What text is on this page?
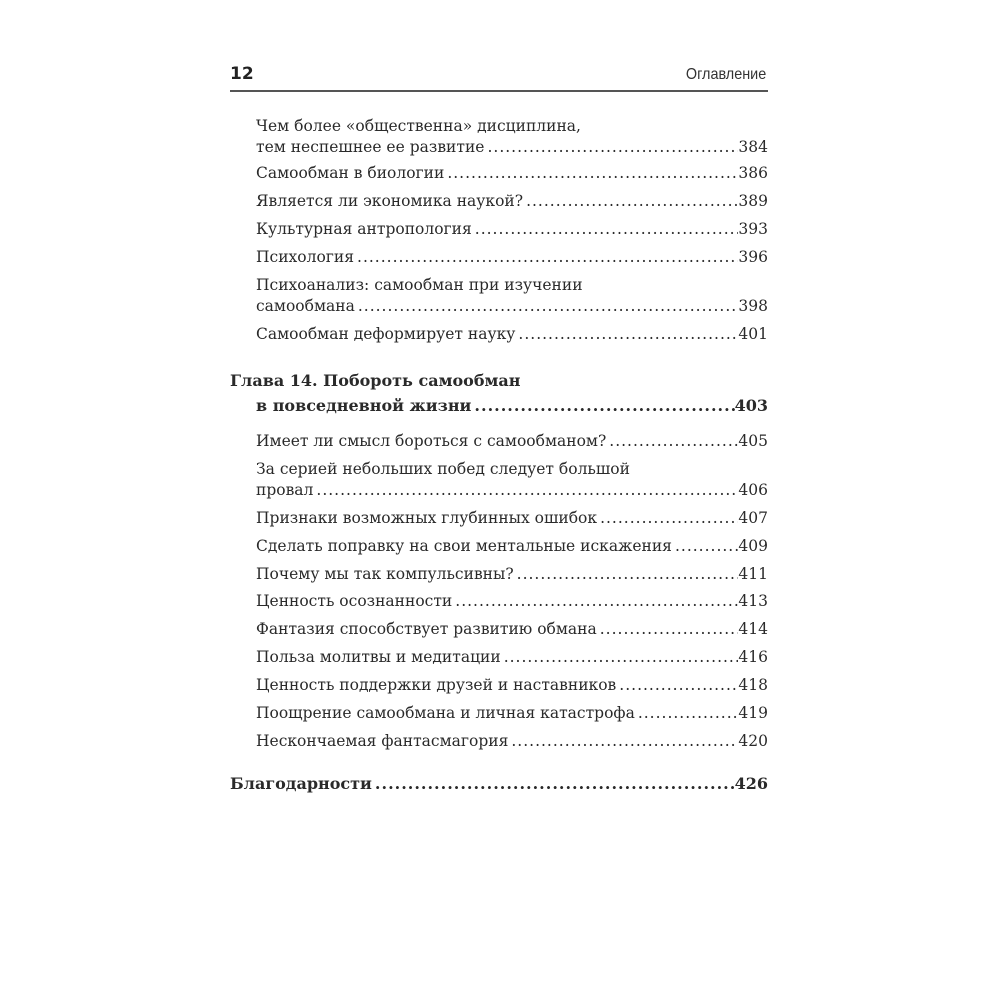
12	Оглавление
Чем более «общественна» дисциплина,
тем неспешнее ее развитие .....	384
Самообман в биологии .....	386
Является ли экономика наукой? .....	389
Культурная антропология .....	393
Психология .....	396
Психоанализ: самообман при изучении
самообмана .....	398
Самообман деформирует науку .....	401
Глава 14. Побороть самообман
в повседневной жизни .....	403
Имеет ли смысл бороться с самообманом? .....	405
За серией небольших побед следует большой
провал .....	406
Признаки возможных глубинных ошибок .....	407
Сделать поправку на свои ментальные искажения .....	409
Почему мы так компульсивны? .....	411
Ценность осознанности .....	413
Фантазия способствует развитию обмана .....	414
Польза молитвы и медитации .....	416
Ценность поддержки друзей и наставников .....	418
Поощрение самообмана и личная катастрофа .....	419
Нескончаемая фантасмагория .....	420
Благодарности .....	426
